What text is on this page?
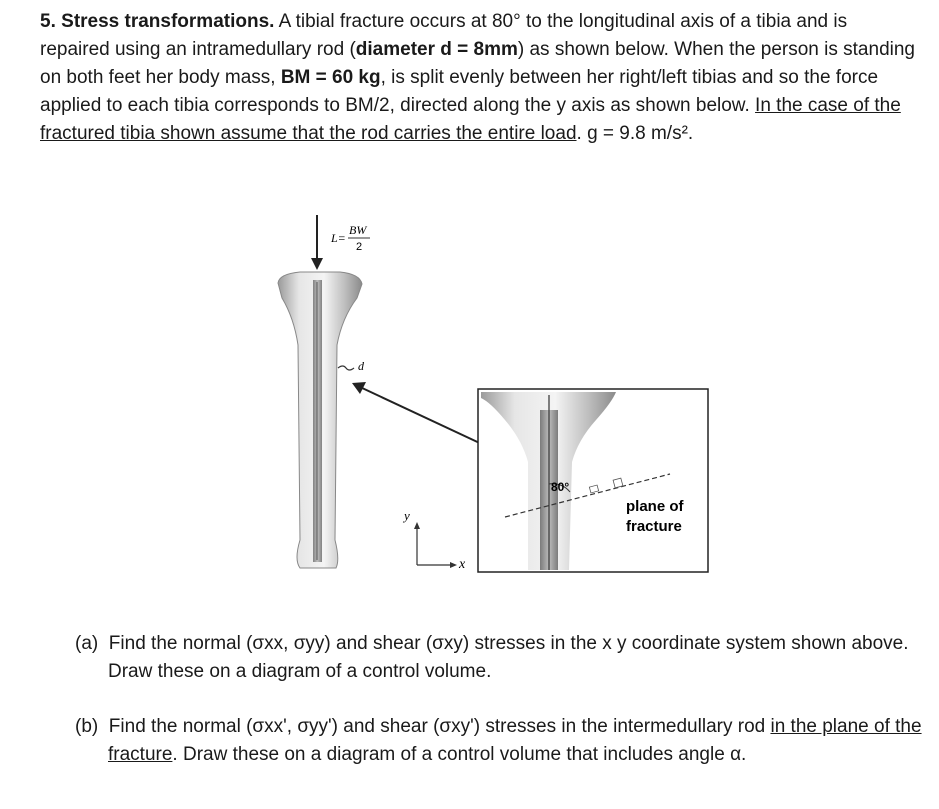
5. Stress transformations. A tibial fracture occurs at 80° to the longitudinal axis of a tibia and is repaired using an intramedullary rod (diameter d = 8mm) as shown below. When the person is standing on both feet her body mass, BM = 60 kg, is split evenly between her right/left tibias and so the force applied to each tibia corresponds to BM/2, directed along the y axis as shown below. In the case of the fractured tibia shown assume that the rod carries the entire load. g = 9.8 m/s².
L=
BW
2
d
y
x
80°
plane of
fracture
(a) Find the normal (σxx, σyy) and shear (σxy) stresses in the x y coordinate system shown above. Draw these on a diagram of a control volume.
(b) Find the normal (σxx', σyy') and shear (σxy') stresses in the intermedullary rod in the plane of the fracture. Draw these on a diagram of a control volume that includes angle α.
